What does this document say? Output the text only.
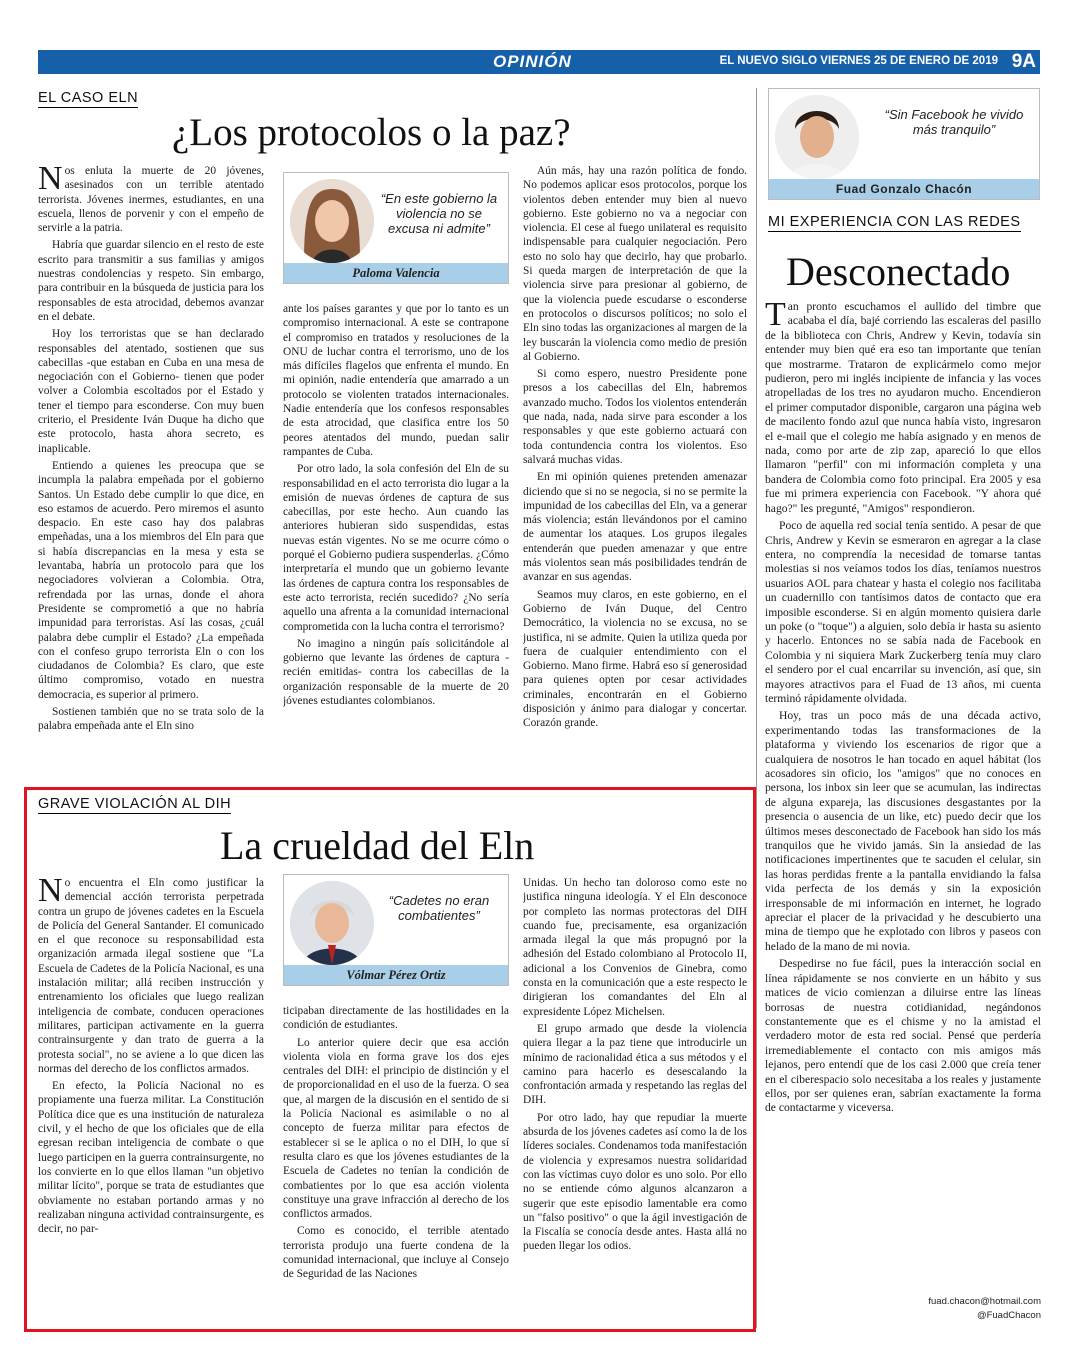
OPINIÓN	EL NUEVO SIGLO VIERNES 25 DE ENERO DE 2019 9A
EL CASO ELN
¿Los protocolos o la paz?

Nos enluta la muerte de 20 jóvenes, asesinados con un terrible atentado terrorista. Jóvenes inermes, estudiantes, en una escuela, llenos de porvenir y con el empeño de servirle a la patria.

Habría que guardar silencio en el resto de este escrito para transmitir a sus familias y amigos nuestras condolencias y respeto. Sin embargo, para contribuir en la búsqueda de justicia para los responsables de esta atrocidad, debemos avanzar en el debate.

Hoy los terroristas que se han declarado responsables del atentado, sostienen que sus cabecillas -que estaban en Cuba en una mesa de negociación con el Gobierno- tienen que poder volver a Colombia escoltados por el Estado y tener el tiempo para esconderse. Con muy buen criterio, el Presidente Iván Duque ha dicho que este protocolo, hasta ahora secreto, es inaplicable.

Entiendo a quienes les preocupa que se incumpla la palabra empeñada por el gobierno Santos. Un Estado debe cumplir lo que dice, en eso estamos de acuerdo. Pero miremos el asunto despacio. En este caso hay dos palabras empeñadas, una a los miembros del Eln para que si había discrepancias en la mesa y esta se levantaba, habría un protocolo para que los negociadores volvieran a Colombia. Otra, refrendada por las urnas, donde el ahora Presidente se comprometió a que no habría impunidad para terroristas. Así las cosas, ¿cuál palabra debe cumplir el Estado? ¿La empeñada con el confeso grupo terrorista Eln o con los ciudadanos de Colombia? Es claro, que este último compromiso, votado en nuestra democracia, es superior al primero.

Sostienen también que no se trata solo de la palabra empeñada ante el Eln sino

“En este gobierno la violencia no se excusa ni admite”
Paloma Valencia

ante los países garantes y que por lo tanto es un compromiso internacional. A este se contrapone el compromiso en tratados y resoluciones de la ONU de luchar contra el terrorismo, uno de los más difíciles flagelos que enfrenta el mundo. En mi opinión, nadie entendería que amarrado a un protocolo se violenten tratados internacionales. Nadie entendería que los confesos responsables de esta atrocidad, que clasifica entre los 50 peores atentados del mundo, puedan salir rampantes de Cuba.

Por otro lado, la sola confesión del Eln de su responsabilidad en el acto terrorista dio lugar a la emisión de nuevas órdenes de captura de sus cabecillas, por este hecho. Aun cuando las anteriores hubieran sido suspendidas, estas nuevas están vigentes. No se me ocurre cómo o porqué el Gobierno pudiera suspenderlas. ¿Cómo interpretaría el mundo que un gobierno levante las órdenes de captura contra los responsables de este acto terrorista, recién sucedido? ¿No sería aquello una afrenta a la comunidad internacional comprometida con la lucha contra el terrorismo?

No imagino a ningún país solicitándole al gobierno que levante las órdenes de captura -recién emitidas- contra los cabecillas de la organización responsable de la muerte de 20 jóvenes estudiantes colombianos.

Aún más, hay una razón política de fondo. No podemos aplicar esos protocolos, porque los violentos deben entender muy bien al nuevo gobierno. Este gobierno no va a negociar con violencia. El cese al fuego unilateral es requisito indispensable para cualquier negociación. Pero esto no solo hay que decirlo, hay que probarlo. Si queda margen de interpretación de que la violencia sirve para presionar al gobierno, de que la violencia puede escudarse o esconderse en protocolos o discursos políticos; no solo el Eln sino todas las organizaciones al margen de la ley buscarán la violencia como medio de presión al Gobierno.

Si como espero, nuestro Presidente pone presos a los cabecillas del Eln, habremos avanzado mucho. Todos los violentos entenderán que nada, nada, nada sirve para esconder a los responsables y que este gobierno actuará con toda contundencia contra los violentos. Eso salvará muchas vidas.

En mi opinión quienes pretenden amenazar diciendo que si no se negocia, si no se permite la impunidad de los cabecillas del Eln, va a generar más violencia; están llevándonos por el camino de aumentar los ataques. Los grupos ilegales entenderán que pueden amenazar y que entre más violentos sean más posibilidades tendrán de avanzar en sus agendas.

Seamos muy claros, en este gobierno, en el Gobierno de Iván Duque, del Centro Democrático, la violencia no se excusa, no se justifica, ni se admite. Quien la utiliza queda por fuera de cualquier entendimiento con el Gobierno. Mano firme. Habrá eso sí generosidad para quienes opten por cesar actividades criminales, encontrarán en el Gobierno disposición y ánimo para dialogar y concertar. Corazón grande.

GRAVE VIOLACIÓN AL DIH
La crueldad del Eln

No encuentra el Eln como justificar la demencial acción terrorista perpetrada contra un grupo de jóvenes cadetes en la Escuela de Policía del General Santander. El comunicado en el que reconoce su responsabilidad esta organización armada ilegal sostiene que "La Escuela de Cadetes de la Policía Nacional, es una instalación militar; allá reciben instrucción y entrenamiento los oficiales que luego realizan inteligencia de combate, conducen operaciones militares, participan activamente en la guerra contrainsurgente y dan trato de guerra a la protesta social", no se aviene a lo que dicen las normas del derecho de los conflictos armados.

En efecto, la Policía Nacional no es propiamente una fuerza militar. La Constitución Política dice que es una institución de naturaleza civil, y el hecho de que los oficiales que de ella egresan reciban inteligencia de combate o que luego participen en la guerra contrainsurgente, no los convierte en lo que ellos llaman "un objetivo militar lícito", porque se trata de estudiantes que obviamente no estaban portando armas y no realizaban ninguna actividad contrainsurgente, es decir, no par-

“Cadetes no eran combatientes”
Vólmar Pérez Ortiz

ticipaban directamente de las hostilidades en la condición de estudiantes.

Lo anterior quiere decir que esa acción violenta viola en forma grave los dos ejes centrales del DIH: el principio de distinción y el de proporcionalidad en el uso de la fuerza. O sea que, al margen de la discusión en el sentido de si la Policía Nacional es asimilable o no al concepto de fuerza militar para efectos de establecer si se le aplica o no el DIH, lo que sí resulta claro es que los jóvenes estudiantes de la Escuela de Cadetes no tenían la condición de combatientes por lo que esa acción violenta constituye una grave infracción al derecho de los conflictos armados.

Como es conocido, el terrible atentado terrorista produjo una fuerte condena de la comunidad internacional, que incluye al Consejo de Seguridad de las Naciones

Unidas. Un hecho tan doloroso como este no justifica ninguna ideología. Y el Eln desconoce por completo las normas protectoras del DIH cuando fue, precisamente, esa organización armada ilegal la que más propugnó por la adhesión del Estado colombiano al Protocolo II, adicional a los Convenios de Ginebra, como consta en la comunicación que a este respecto le dirigieran los comandantes del Eln al expresidente López Michelsen.

El grupo armado que desde la violencia quiera llegar a la paz tiene que introducirle un mínimo de racionalidad ética a sus métodos y el camino para hacerlo es desescalando la confrontación armada y respetando las reglas del DIH.

Por otro lado, hay que repudiar la muerte absurda de los jóvenes cadetes así como la de los líderes sociales. Condenamos toda manifestación de violencia y expresamos nuestra solidaridad con las víctimas cuyo dolor es uno solo. Por ello no se entiende cómo algunos alcanzaron a sugerir que este episodio lamentable era como un "falso positivo" o que la ágil investigación de la Fiscalía se conocía desde antes. Hasta allá no pueden llegar los odios.

“Sin Facebook he vivido más tranquilo”
Fuad Gonzalo Chacón
MI EXPERIENCIA CON LAS REDES
Desconectado

Tan pronto escuchamos el aullido del timbre que acababa el día, bajé corriendo las escaleras del pasillo de la biblioteca con Chris, Andrew y Kevin, todavía sin entender muy bien qué era eso tan importante que tenían que mostrarme. Trataron de explicármelo como mejor pudieron, pero mi inglés incipiente de infancia y las voces atropelladas de los tres no ayudaron mucho. Encendieron el primer computador disponible, cargaron una página web de macilento fondo azul que nunca había visto, ingresaron el e-mail que el colegio me había asignado y en menos de nada, como por arte de zip zap, apareció lo que ellos llamaron "perfil" con mi información completa y una bandera de Colombia como foto principal. Era 2005 y esa fue mi primera experiencia con Facebook. "Y ahora qué hago?" les pregunté, "Amigos" respondieron.

Poco de aquella red social tenía sentido. A pesar de que Chris, Andrew y Kevin se esmeraron en agregar a la clase entera, no comprendía la necesidad de tomarse tantas molestias si nos veíamos todos los días, teníamos nuestros usuarios AOL para chatear y hasta el colegio nos facilitaba un cuadernillo con tantísimos datos de contacto que era imposible esconderse. Si en algún momento quisiera darle un poke (o "toque") a alguien, solo debía ir hasta su asiento y hacerlo. Entonces no se sabía nada de Facebook en Colombia y ni siquiera Mark Zuckerberg tenía muy claro el sendero por el cual encarrilar su invención, así que, sin mayores atractivos para el Fuad de 13 años, mi cuenta terminó rápidamente olvidada.

Hoy, tras un poco más de una década activo, experimentando todas las transformaciones de la plataforma y viviendo los escenarios de rigor que a cualquiera de nosotros le han tocado en aquel hábitat (los acosadores sin oficio, los "amigos" que no conoces en persona, los inbox sin leer que se acumulan, las indirectas de alguna expareja, las discusiones desgastantes por la presencia o ausencia de un like, etc) puedo decir que los últimos meses desconectado de Facebook han sido los más tranquilos que he vivido jamás. Sin la ansiedad de las notificaciones impertinentes que te sacuden el celular, sin las horas perdidas frente a la pantalla envidiando la falsa vida perfecta de los demás y sin la exposición irresponsable de mi información en internet, he logrado apreciar el placer de la privacidad y he descubierto una mina de tiempo que he explotado con libros y paseos con helado de la mano de mi novia.

Despedirse no fue fácil, pues la interacción social en línea rápidamente se nos convierte en un hábito y sus matices de vicio comienzan a diluirse entre las líneas borrosas de nuestra cotidianidad, negándonos constantemente que es el chisme y no la amistad el verdadero motor de esta red social. Pensé que perdería irremediablemente el contacto con mis amigos más lejanos, pero entendí que de los casi 2.000 que creía tener en el ciberespacio solo necesitaba a los reales y justamente ellos, por ser quienes eran, sabrían exactamente la forma de contactarme y viceversa.

fuad.chacon@hotmail.com
@FuadChacon
